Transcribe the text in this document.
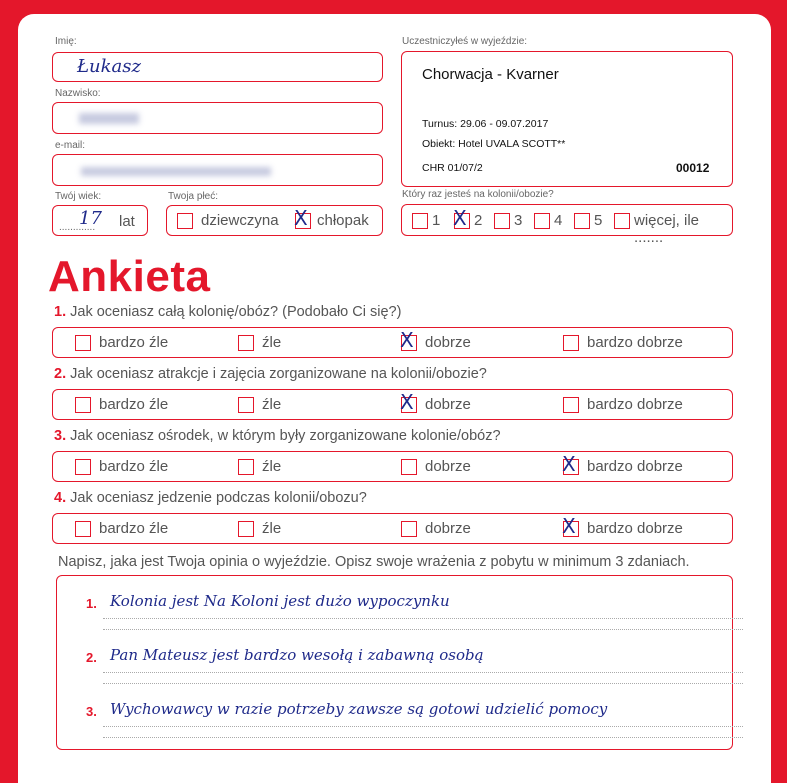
Imię:
Łukasz
Nazwisko:
e-mail:
Twój wiek:
.............
17 lat
Twoja płeć:
dziewczyna X chłopak
Uczestniczyłeś w wyjeździe:
Chorwacja - Kvarner
Turnus: 29.06 - 09.07.2017
Obiekt: Hotel UVALA SCOTT**
CHR 01/07/2	00012
Który raz jesteś na kolonii/obozie?
1 X 2 3 4 5 więcej, ile .......
Ankieta
1. Jak oceniasz całą kolonię/obóz? (Podobało Ci się?)
bardzo źle	źle	X dobrze	bardzo dobrze
2. Jak oceniasz atrakcje i zajęcia zorganizowane na kolonii/obozie?
bardzo źle	źle	X dobrze	bardzo dobrze
3. Jak oceniasz ośrodek, w którym były zorganizowane kolonie/obóz?
bardzo źle	źle	dobrze	X bardzo dobrze
4. Jak oceniasz jedzenie podczas kolonii/obozu?
bardzo źle	źle	dobrze	X bardzo dobrze
Napisz, jaka jest Twoja opinia o wyjeździe. Opisz swoje wrażenia z pobytu w minimum 3 zdaniach.
1. Kolonia jest Na Koloni jest dużo wypoczynku
2. Pan Mateusz jest bardzo wesołą i zabawną osobą
3. Wychowawcy w razie potrzeby zawsze są gotowi udzielić pomocy
